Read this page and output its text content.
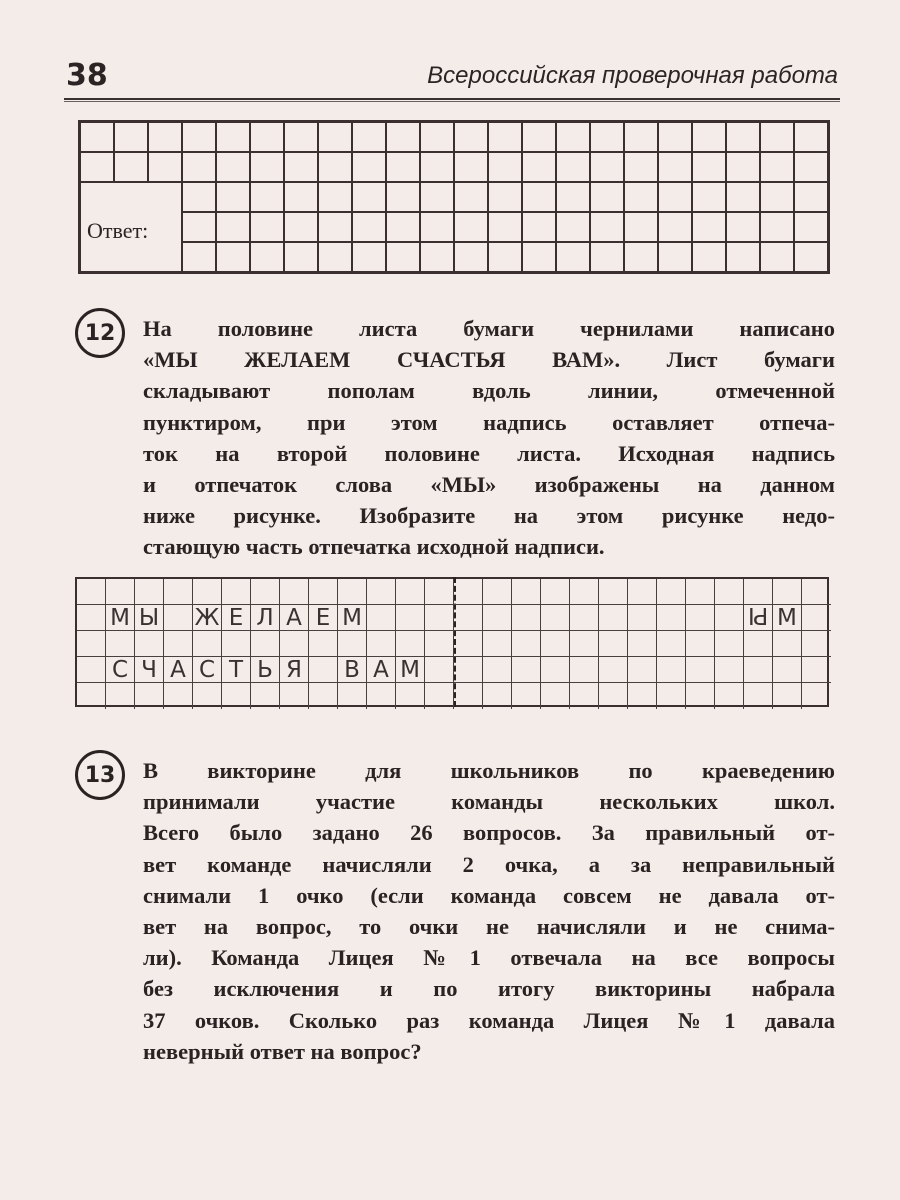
38	Всероссийская проверочная работа

Ответ:																					

12 На половине листа бумаги чернилами написано
«МЫ ЖЕЛАЕМ СЧАСТЬЯ ВАМ». Лист бумаги
складывают пополам вдоль линии, отмеченной
пунктиром, при этом надпись оставляет отпеча-
ток на второй половине листа. Исходная надпись
и отпечаток слова «МЫ» изображены на данном
ниже рисунке. Изобразите на этом рисунке недо-
стающую часть отпечатка исходной надписи.
М Ы Ж Е Л А Е М	Ы М
С Ч А С Т Ь Я В А М
13 В викторине для школьников по краеведению
принимали участие команды нескольких школ.
Всего было задано 26 вопросов. За правильный от-
вет команде начисляли 2 очка, а за неправильный
снимали 1 очко (если команда совсем не давала от-
вет на вопрос, то очки не начисляли и не снима-
ли). Команда Лицея №1 отвечала на все вопросы
без исключения и по итогу викторины набрала
37 очков. Сколько раз команда Лицея №1 давала
неверный ответ на вопрос?
